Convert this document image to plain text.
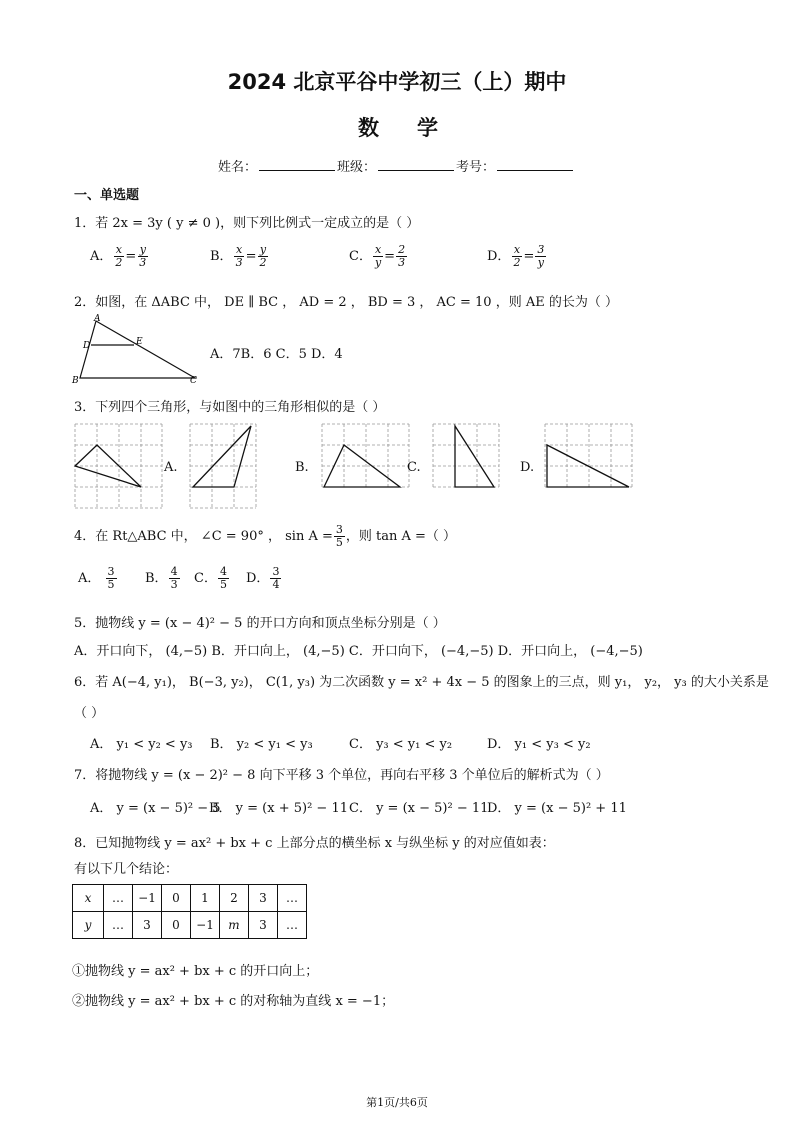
2024 北京平谷中学初三（上）期中
数学
姓名：	班级：	考号：
一、单选题
1．若 2x = 3y ( y ≠ 0 )，则下列比例式一定成立的是（ ）
A． $\frac{x}{2} = \frac{y}{3}$	B． $\frac{x}{3} = \frac{y}{2}$	C． $\frac{x}{y} = \frac{2}{3}$	D． $\frac{x}{2} = \frac{3}{y}$
2．如图，在 ΔABC 中， DE ∥ BC ， AD = 2 ， BD = 3 ， AC = 10 ，则 AE 的长为（ ）
A
D	E
B	C
A．7B．6 C．5 D．4
3．下列四个三角形，与如图中的三角形相似的是（ ）
A.	B.	C.	D.
4．在 Rt△ABC 中， ∠C = 90° ， $\sin A = \frac{3}{5}$ ，则 tan A =（ ）
A． $\frac{3}{5}$ B． $\frac{4}{3}$ C． $\frac{4}{5}$ D． $\frac{3}{4}$
5．抛物线 y = (x − 4)² − 5 的开口方向和顶点坐标分别是（ ）
A．开口向下， (4,−5) B．开口向上， (4,−5) C．开口向下， (−4,−5) D．开口向上， (−4,−5)
6．若 A(−4, y₁)， B(−3, y₂)， C(1, y₃) 为二次函数 y = x² + 4x − 5 的图象上的三点，则 y₁， y₂， y₃ 的大小关系是
（ ）
A． y₁ < y₂ < y₃ B． y₂ < y₁ < y₃	C． y₃ < y₁ < y₂	D． y₁ < y₃ < y₂
7．将抛物线 y = (x − 2)² − 8 向下平移 3 个单位，再向右平移 3 个单位后的解析式为（ ）
A． y = (x − 5)² − 5
B． y = (x + 5)² − 11 C． y = (x − 5)² − 11
D． y = (x − 5)² + 11
8．已知抛物线 y = ax² + bx + c 上部分点的横坐标 x 与纵坐标 y 的对应值如表：
有以下几个结论：
x	…	−1	0	1	2	3	…
y	…	3	0	−1	m	3	…
①抛物线 y = ax² + bx + c 的开口向上；
②抛物线 y = ax² + bx + c 的对称轴为直线 x = −1；
第1页/共6页
